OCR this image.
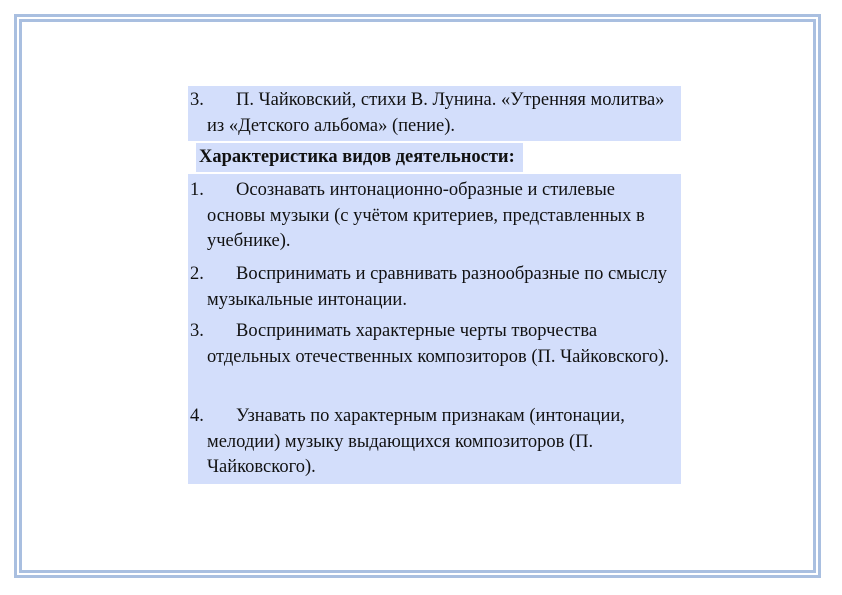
3.	П. Чайковский, стихи В. Лунина. «Утренняя молитва» из «Детского альбома» (пение).
Характеристика видов деятельности:
1.	Осознавать интонационно-образные и стилевые основы музыки (с учётом критериев, представленных в учебнике).
2.	Воспринимать и сравнивать разнообразные по смыслу музыкальные интонации.
3.	Воспринимать характерные черты творчества отдельных отечественных композиторов (П. Чайковского).
4.	Узнавать по характерным признакам (интонации, мелодии) музыку выдающихся композиторов (П. Чайковского).
